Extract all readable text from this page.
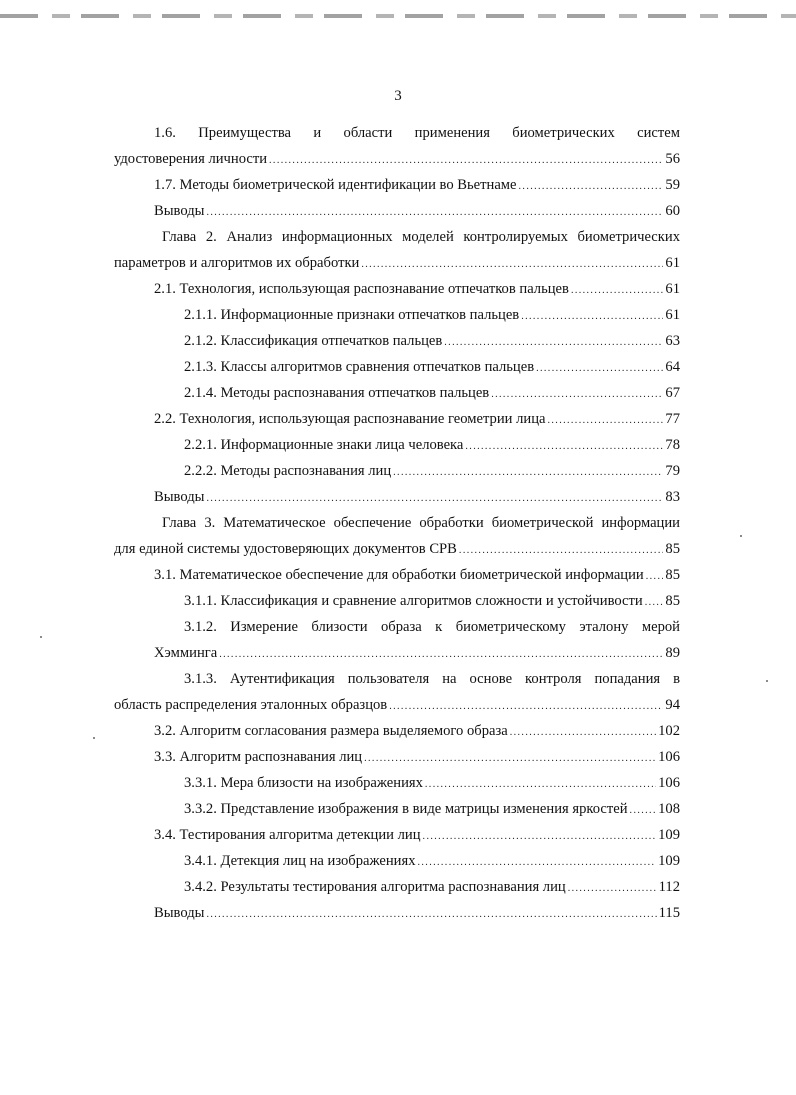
3
1.6. Преимущества и области применения биометрических систем
удостоверения личности .....	56
1.7. Методы биометрической идентификации во Вьетнаме .....	59
Выводы .....	60
Глава 2. Анализ информационных моделей контролируемых биометрических
параметров и алгоритмов их обработки .....	61
2.1. Технология, использующая распознавание отпечатков пальцев .....	61
2.1.1. Информационные признаки отпечатков пальцев .....	61
2.1.2. Классификация отпечатков пальцев .....	63
2.1.3. Классы алгоритмов сравнения отпечатков пальцев .....	64
2.1.4. Методы распознавания отпечатков пальцев .....	67
2.2. Технология, использующая распознавание геометрии лица .....	77
2.2.1. Информационные знаки лица человека .....	78
2.2.2. Методы распознавания лиц .....	79
Выводы .....	83
Глава 3. Математическое обеспечение обработки биометрической информации
для единой системы удостоверяющих документов СРВ .....	85
3.1. Математическое обеспечение для обработки биометрической информации ..... 85
3.1.1. Классификация и сравнение алгоритмов сложности и устойчивости ..... 85
3.1.2. Измерение близости образа к биометрическому эталону мерой
Хэмминга .....	89
3.1.3. Аутентификация пользователя на основе контроля попадания в
область распределения эталонных образцов .....	94
3.2. Алгоритм согласования размера выделяемого образа .....	102
3.3. Алгоритм распознавания лиц .....	106
3.3.1. Мера близости на изображениях .....	106
3.3.2. Представление изображения в виде матрицы изменения яркостей ..... 108
3.4. Тестирования алгоритма детекции лиц .....	109
3.4.1. Детекция лиц на изображениях .....	109
3.4.2. Результаты тестирования алгоритма распознавания лиц .....	112
Выводы .....	115
